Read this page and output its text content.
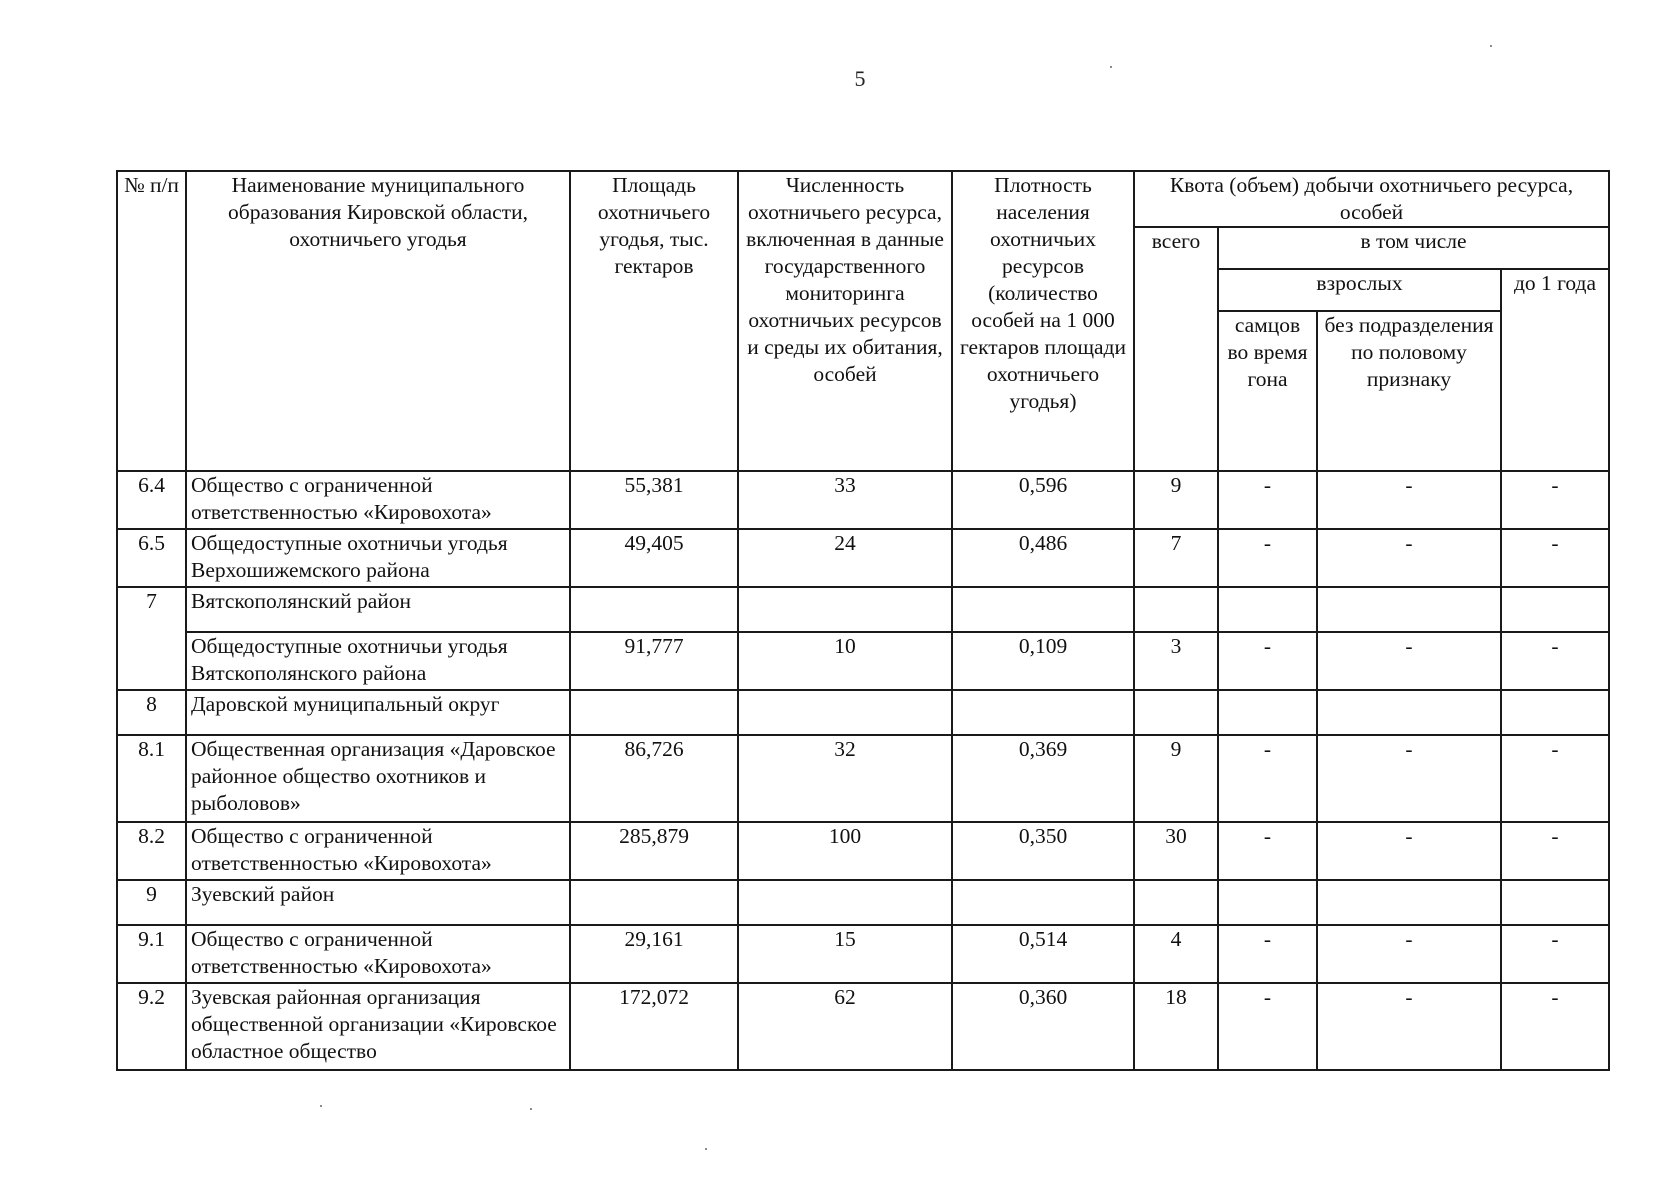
5
№ п/п	Наименование муниципального образования Кировской области, охотничьего угодья	Площадь охотничьего угодья, тыс. гектаров	Численность охотничьего ресурса, включенная в данные государственного мониторинга охотничьих ресурсов и среды их обитания, особей	Плотность населения охотничьих ресурсов (количество особей на 1 000 гектаров площади охотничьего угодья)	Квота (объем) добычи охотничьего ресурса, особей			
					всего	в том числе		
						взрослых		до 1 года
						самцов во время гона	без подразделения по половому признаку	
6.4	Общество с ограниченной ответственностью «Кировохота»	55,381	33	0,596	9	-	-	-
6.5	Общедоступные охотничьи угодья Верхошижемского района	49,405	24	0,486	7	-	-	-
7	Вятскополянский район							
	Общедоступные охотничьи угодья Вятскополянского района	91,777	10	0,109	3	-	-	-
8	Даровской муниципальный округ							
8.1	Общественная организация «Даровское районное общество охотников и рыболовов»	86,726	32	0,369	9	-	-	-
8.2	Общество с ограниченной ответственностью «Кировохота»	285,879	100	0,350	30	-	-	-
9	Зуевский район							
9.1	Общество с ограниченной ответственностью «Кировохота»	29,161	15	0,514	4	-	-	-
9.2	Зуевская районная организация общественной организации «Кировское областное общество	172,072	62	0,360	18	-	-	-
